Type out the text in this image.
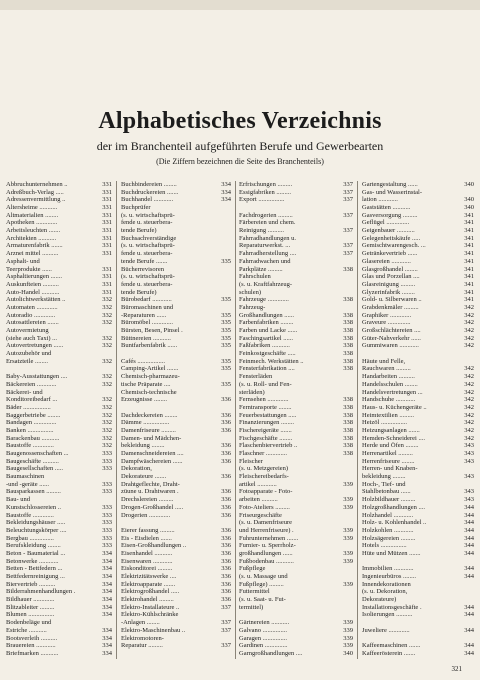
Alphabetisches Verzeichnis
der im Branchenteil aufgeführten Berufe und Gewerbearten
(Die Ziffern bezeichnen die Seite des Branchenteils)
Abbruchunternehmen ..	331
Adreßbuch-Verlag .....	331
Adressenvermittlung ..	331
Altersheime ...........	331
Altmaterialien ........	331
Apotheken .............	331
Arbeitsleuchten .......	331
Architekten ...........	331
Armaturenfabrik .......	331
Arznei mittel ..........	331
Asphalt- und
Teerprodukte ......	331
Asphaltierungen .......	331
Auskunfteien ..........	331
Auto-Handel ...........	331
Autolichtwerkstätten ..	332
Automaten .............	332
Autoradio .............	332
Autosattlereien .......	332
Autovermietung
(siehe auch Taxi) ...	332
Autovertretungen ......	332
Autozubehör und
Ersatzteile ........	332
Baby-Ausstattungen ....	332
Bäckereien ............	332
Bäckerei- und
Konditoreibedarf ...	332
Bäder .................	332
Baggerbetriebe ........	332
Bandagen ..............	332
Banken ................	332
Barackenbau ...........	332
Baustoffe .............	332
Baugenossenschaften ...	333
Baugeschäfte ..........	333
Baugesellschaften .....	333
Baumaschinen
-und -geräte ......	333
Bausparkassen .........	333
Bau- und
Kunstschlossereien ..	333
Baustoffe .............	333
Bekleidungshäuser .....	333
Beleuchtungskörper ....	333
Bergbau ...............	333
Berufskleidung ........	333
Beton - Baumaterial ...	334
Betonwerke ............	334
Betten - Bettfedern ...	334
Bettfedernreinigung ...	334
Biervertrieb ..........	334
Bilderrahmenhandlungen .	334
Bildhauer .............	334
Blitzableiter .........	334
Blumen ................	334
Bodenbeläge und
Estriche ...........	334
Bootsverleih ..........	334
Brauereien ............	334
Briefmarken ...........	334
Buchbindereien ........	334
Buchdruckereien .......	334
Buchhandel ............	334
Buchprüfer
(s. u. wirtschaftsprü-
fende u. steuerbera-
tende Berufe)
Buchsachverständige
(s. u. wirtschaftsprü-
fende u. steuerbera-
tende Berufe .......	335
Bücherrevisoren
(s. u. wirtschaftsprü-
fende u. steuerbera-
tende Berufe)
Bürobedarf ............	335
Büromaschinen und
-Reparaturen ......	335
Büromöbel .............	335
Bürsten, Besen, Pinsel .	335
Büttnereien ...........	335
Buntfarbenfabrik ......	335
Cafés .................	335
Camping-Artikel .......	335
Chemisch-pharmazeu-
tische Präparate ....	335
Chemisch-technische
Erzeugnisse ........	336
Dachdeckereien ........	336
Dämme ................	336
Damenfriseure .........	336
Damen- und Mädchen-
bekleidung ........	336
Damenschneidereien ....	336
Dampfwäschereien ......	336
Dekoration,
Dekorateure .......	336
Drahtgeflechte, Draht-
züune u. Drahtwaren .	336
Drechslereien .........	336
Drogen-Großhandel .....	336
Drogerien .............	336
Eierer fassung .........	336
Eis - Eisdielen .......	336
Eisen-Großhandlungen ..	336
Eisenhandel ...........	336
Eisenwaren ............	336
Eiskonditorei .........	336
Elektrizitätswerke ....	336
Elektroapparate .......	336
Elektrogroßhandel .....	336
Elektrohandel .........	336
Elektro-Installateure ..	337
Elektro-Kühlschränke
-Anlagen ........	337
Elektro-Maschinenbau ..	337
Elektromotoren-
Reparatur .........	337
Erfrischungen .........	337
Essigfabriken .........	337
Export ................	337
Fachdrogerien .........	337
Färbereien und chem.
Reinigung ..........	337
Fahrradhandlungen u.
Reparaturwerkst. ...	337
Fahrradherstellung ....	337
Fahrradwachen und
Parkplätze .........	338
Fahrschulen
(s. u. Kraftfahrzeug-
schulen)
Fahrzeuge .............	338
Fahrzeug-
Großhandlungen ......	338
Farbenfabriken ........	338
Farben und Lacke ......	338
Faschingsartikel ......	338
Faßfabriken ...........	338
Feinkostgeschäfte .....	338
Feinmech. Werkstätten ..	338
Fensterfabrikation ....	338
Fensterläden
(s. u. Roll- und Fen-
sterläden)
Fernsehen .............	338
Ferntransporte ........	338
Feuerbestattungen .....	338
Finanzierungen ........	338
Fischereigeräte .......	338
Fischgeschäfte ........	338
Flaschenbiervertrieb ..	338
Flaschner .............	338
Fleischer
(s. u. Metzgereien)
Fleischereibedarfs-
artikel ............	339
Fotoapparate - Foto-
arbeiten ..........	339
Foto-Ateliers .........	339
Friseurgeschäfte
(s. u. Damenfriseure
und Herrenfriseure) .	339
Fuhrunternehmen .......	339
Furnier- u. Sperrholz-
großhandlungen ......	339
Fußbodenbau ...........	339
Fußpflege
(s. u. Massage und
Fußpflege) .........	339
Futtermittel
(s. u. Saat- u. Fut-
termittel)
Gärtnereien ...........	339
Galvano ...............	339
Garagen ...............	339
Gardinen ..............	339
Garngroßhandlungen ....	340
Gartengestaltung ......	340
Gas- und Wasserinstal-
lation ............	340
Gaststätten ...........	340
Gasversorgung .........	341
Geflügel ..............	341
Geigenbauer ...........	341
Gelegenheitskäufe .....	341
Gemischtwarengesch. ...	341
Getränkevertrieb ......	341
Glasereien ............	341
Glasgroßhandel ........	341
Glas und Porzellan ....	341
Glasreinigung .........	341
Glyzerinfabrik ........	341
Gold- u. Silberwaren ..	341
Grabdenkmäler .........	342
Graphiker .............	342
Graveure ..............	342
Großschlächtereien ....	342
Güter-Nahverkehr ......	342
Gummiwaren ............	342
Häute und Felle,
Rauchwaren .........	342
Handarbeiten ..........	342
Handelsschulen ........	342
Handelsvertretungen ...	342
Handschuhe ............	342
Haus- u. Küchengeräte ..	342
Heimtextilien .........	342
Heizöl ................	342
Heizungsanlagen .......	342
Hemden-Schneiderei ....	342
Herde und Öfen ........	343
Herrenartikel .........	343
Herrenfriseure ........	343
Herren- und Knaben-
bekleidung ........	343
Hoch-, Tief- und
Stahlbetonbau ......	343
Holzbildhauer .........	343
Holzgroßhandlungen ....	344
Holzhandel ............	344
Holz- u. Kohlenhandel ..	344
Holzkohlen ............	344
Holzsägereien .........	344
Hotels ................	344
Hüte und Mützen .......	344
Immobilien ............	344
Ingenieurbüros ........	344
Innendekorationen
(s. u. Dekoration,
Dekorateure)
Installationsgeschäfte .	344
Isolierungen ..........	344
Juweliere .............	344
Kaffeemaschinen .......	344
Kaffeerösterein .......	344
321
